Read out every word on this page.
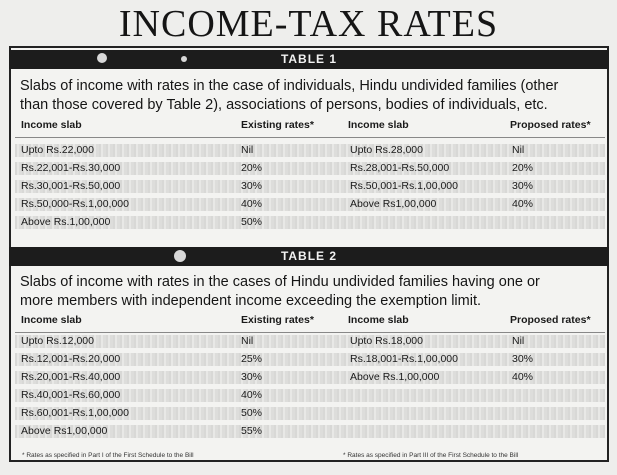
INCOME-TAX RATES
TABLE 1
Slabs of income with rates in the case of individuals, Hindu undivided families (other
than those covered by Table 2), associations of persons, bodies of individuals, etc.
Income slab	Existing rates*	Income slab	Proposed rates*
Upto Rs.22,000	Nil	Upto Rs.28,000	Nil
Rs.22,001-Rs.30,000	20%	Rs.28,001-Rs.50,000	20%
Rs.30,001-Rs.50,000	30%	Rs.50,001-Rs.1,00,000	30%
Rs.50,000-Rs.1,00,000	40%	Above Rs1,00,000	40%
Above Rs.1,00,000	50%
TABLE 2
Slabs of income with rates in the cases of Hindu undivided families having one or
more members with independent income exceeding the exemption limit.
Income slab	Existing rates*	Income slab	Proposed rates*
Upto Rs.12,000	Nil	Upto Rs.18,000	Nil
Rs.12,001-Rs.20,000	25%	Rs.18,001-Rs.1,00,000	30%
Rs.20,001-Rs.40,000	30%	Above Rs.1,00,000	40%
Rs.40,001-Rs.60,000	40%
Rs.60,001-Rs.1,00,000	50%
Above Rs1,00,000	55%
* Rates as specified in Part I of the First Schedule to the Bill	* Rates as specified in Part III of the First Schedule to the Bill
